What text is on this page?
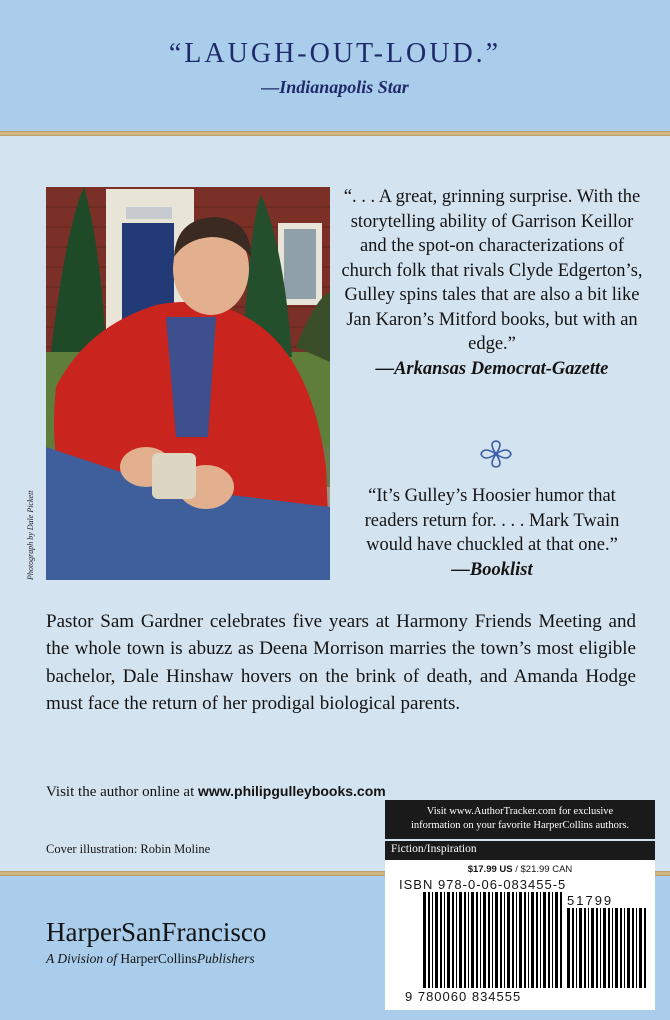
“LAUGH-OUT-LOUD.”
—Indianapolis Star
Photograph by Dale Pickett
“. . . A great, grinning surprise. With the storytelling ability of Garrison Keillor and the spot-on characterizations of church folk that rivals Clyde Edgerton’s, Gulley spins tales that are also a bit like Jan Karon’s Mitford books, but with an edge.”
—Arkansas Democrat-Gazette
“It’s Gulley’s Hoosier humor that readers return for. . . . Mark Twain would have chuckled at that one.”
—Booklist
Pastor Sam Gardner celebrates five years at Harmony Friends Meeting and the whole town is abuzz as Deena Morrison marries the town’s most eligible bachelor, Dale Hinshaw hovers on the brink of death, and Amanda Hodge must face the return of her prodigal biological parents.
Visit the author online at www.philipgulleybooks.com
Cover illustration: Robin Moline
HarperSanFrancisco
A Division of HarperCollinsPublishers
Visit www.AuthorTracker.com for exclusive
information on your favorite HarperCollins authors.
Fiction/Inspiration
$17.99 US / $21.99 CAN
ISBN 978-0-06-083455-5
51799
9 780060 834555
